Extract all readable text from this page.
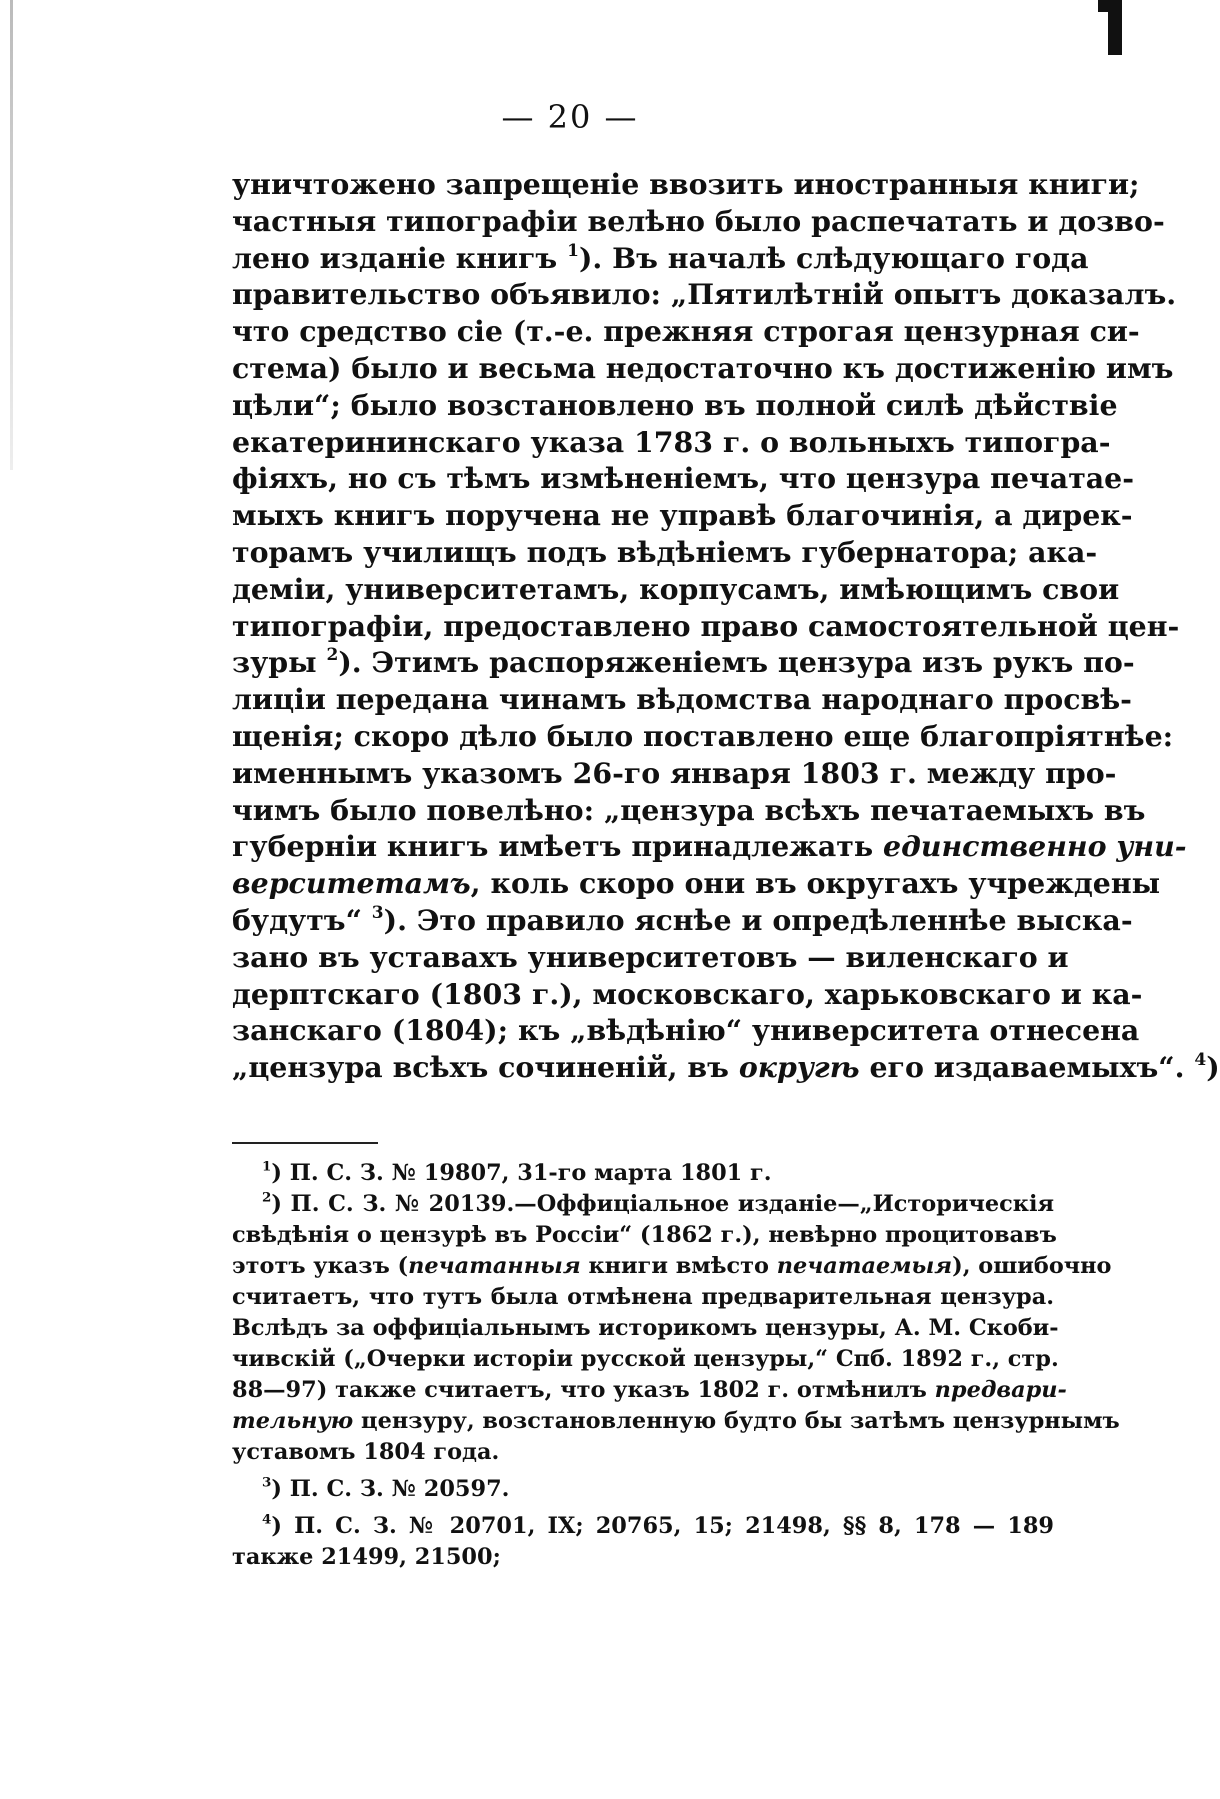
— 20 —
уничтожено запрещеніе ввозить иностранныя книги;
частныя типографіи велѣно было распечатать и дозво-
лено изданіе книгъ $^1$). Въ началѣ слѣдующаго года
правительство объявило: „Пятилѣтній опытъ доказалъ.
что средство сіе (т.-е. прежняя строгая цензурная си-
стема) было и весьма недостаточно къ достиженію имъ
цѣли“; было возстановлено въ полной силѣ дѣйствіе
екатерининскаго указа 1783 г. о вольныхъ типогра-
фіяхъ, но съ тѣмъ измѣненіемъ, что цензура печатае-
мыхъ книгъ поручена не управѣ благочинія, а дирек-
торамъ училищъ подъ вѣдѣніемъ губернатора; ака-
деміи, университетамъ, корпусамъ, имѣющимъ свои
типографіи, предоставлено право самостоятельной цен-
зуры $^2$). Этимъ распоряженіемъ цензура изъ рукъ по-
лиціи передана чинамъ вѣдомства народнаго просвѣ-
щенія; скоро дѣло было поставлено еще благопріятнѣе:
именнымъ указомъ 26-го января 1803 г. между про-
чимъ было повелѣно: „цензура всѣхъ печатаемыхъ въ
губерніи книгъ имѣетъ принадлежать единственно уни-
верситетамъ, коль скоро они въ округахъ учреждены
будутъ“ $^3$). Это правило яснѣе и опредѣленнѣе выска-
зано въ уставахъ университетовъ — виленскаго и
дерптскаго (1803 г.), московскаго, харьковскаго и ка-
занскаго (1804); къ „вѣдѣнію“ университета отнесена
„цензура всѣхъ сочиненій, въ округѣ его издаваемыхъ“. $^4$)
$^1$) П. С. З. № 19807, 31-го марта 1801 г.
$^2$) П. С. З. № 20139.—Оффиціальное изданіе—„Историческія
свѣдѣнія о цензурѣ въ Россіи“ (1862 г.), невѣрно процитовавъ
этотъ указъ (печатанныя книги вмѣсто печатаемыя), ошибочно
считаетъ, что тутъ была отмѣнена предварительная цензура.
Вслѣдъ за оффиціальнымъ историкомъ цензуры, А. М. Скоби-
чивскій („Очерки исторіи русской цензуры,“ Спб. 1892 г., стр.
88—97) также считаетъ, что указъ 1802 г. отмѣнилъ предвари-
тельную цензуру, возстановленную будто бы затѣмъ цензурнымъ
уставомъ 1804 года.
$^3$) П. С. З. № 20597.
$^4$) П. С. З. № 20701, IX; 20765, 15; 21498, §§ 8, 178 — 189
также 21499, 21500;
